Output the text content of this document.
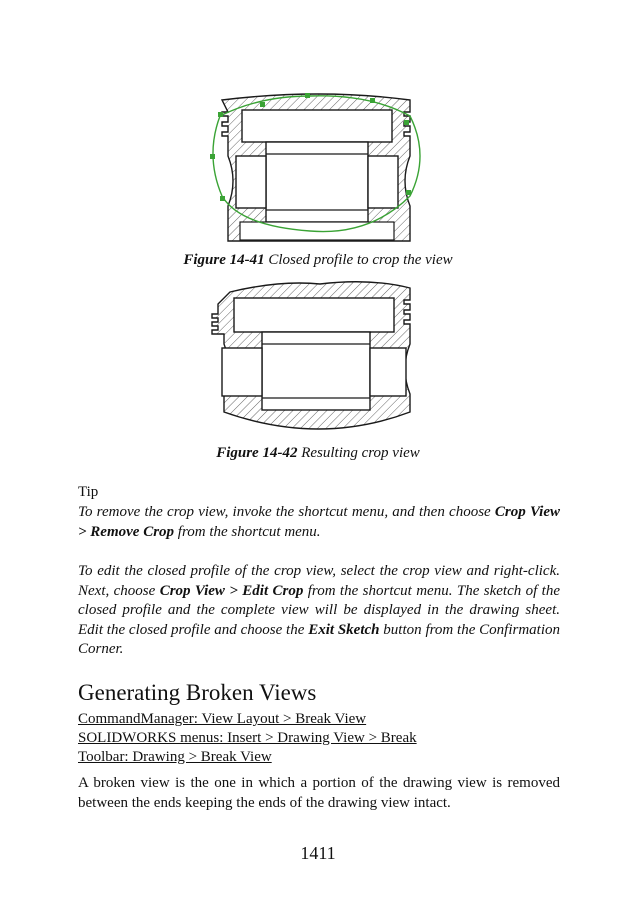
Figure 14-41 Closed profile to crop the view
Figure 14-42 Resulting crop view
Tip
To remove the crop view, invoke the shortcut menu, and then choose Crop View > Remove Crop from the shortcut menu.
To edit the closed profile of the crop view, select the crop view and right-click. Next, choose Crop View > Edit Crop from the shortcut menu. The sketch of the closed profile and the complete view will be displayed in the drawing sheet. Edit the closed profile and choose the Exit Sketch button from the Confirmation Corner.
Generating Broken Views
CommandManager: View Layout > Break View
SOLIDWORKS menus: Insert > Drawing View > Break
Toolbar: Drawing > Break View
A broken view is the one in which a portion of the drawing view is removed between the ends keeping the ends of the drawing view intact.
1411
